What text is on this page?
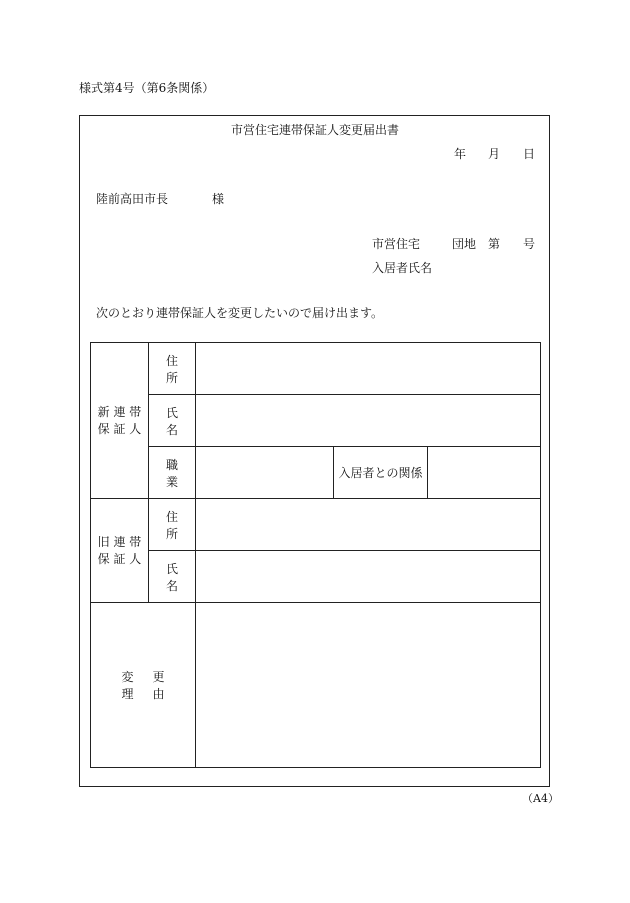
様式第4号（第6条関係）
市営住宅連帯保証人変更届出書
年 月 日
陸前高田市長	様
市営住宅	団地 第 号
入居者氏名
次のとおり連帯保証人を変更したいので届け出ます。
新 連 帯
保 証 人	住所			
	氏名			
	職業		入居者との関係	

旧 連 帯
保 証 人	住所			
	氏名			
変更理由				
（A4）
